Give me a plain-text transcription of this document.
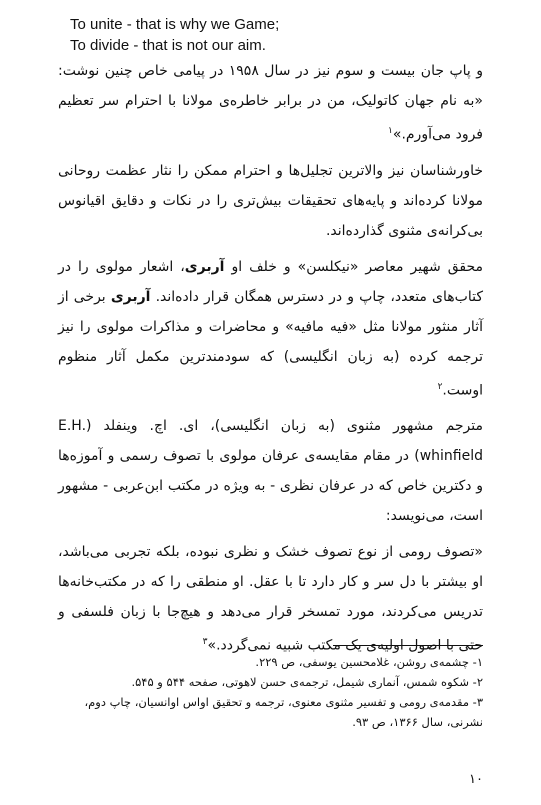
To unite - that is why we Game;
To divide - that is not our aim.

و پاپ جان بیست و سوم نیز در سال ۱۹۵۸ در پیامی خاص چنین نوشت: «به نام جهان کاتولیک، من در برابر خاطره‌ی مولانا با احترام سر تعظیم فرود می‌آورم.»$^۱$

خاورشناسان نیز والاترین تجلیل‌ها و احترام ممکن را نثار عظمت روحانی مولانا کرده‌اند و پایه‌های تحقیقات بیش‌تری را در نکات و دقایق اقیانوس بی‌کرانه‌ی مثنوی گذارده‌اند.

محقق شهیر معاصر «نیکلسن» و خلف او آربری، اشعار مولوی را در کتاب‌های متعدد، چاپ و در دسترس همگان قرار داده‌اند. آربری برخی از آثار منثور مولانا مثل «فیه مافیه» و محاضرات و مذاکرات مولوی را نیز ترجمه کرده (به زبان انگلیسی) که سودمندترین مکمل آثار منظوم اوست.$^۲$

مترجم مشهور مثنوی (به زبان انگلیسی)، ای. اچ. وینفلد (E.H. whinfield) در مقام مقایسه‌ی عرفان مولوی با تصوف رسمی و آموزه‌ها و دکترین خاص که در عرفان نظری - به ویژه در مکتب ابن‌عربی - مشهور است، می‌نویسد:

«تصوف رومی از نوع تصوف خشک و نظری نبوده، بلکه تجربی می‌باشد، او بیشتر با دل سر و کار دارد تا با عقل. او منطقی را که در مکتب‌خانه‌ها تدریس می‌کردند، مورد تمسخر قرار می‌دهد و هیچ‌جا با زبان فلسفی و حتی با اصول اولیه‌ی یک مکتب شبیه نمی‌گردد.»$^۳$

۱- چشمه‌ی روشن، غلامحسین یوسفی، ص ۲۲۹.

۲- شکوه شمس، آنماری شیمل، ترجمه‌ی حسن لاهوتی، صفحه ۵۴۴ و ۵۴۵.

۳- مقدمه‌ی رومی و تفسیر مثنوی معنوی، ترجمه و تحقیق اواس اوانسیان، چاپ دوم، نشرنی، سال ۱۳۶۶، ص ۹۳.

۱۰
